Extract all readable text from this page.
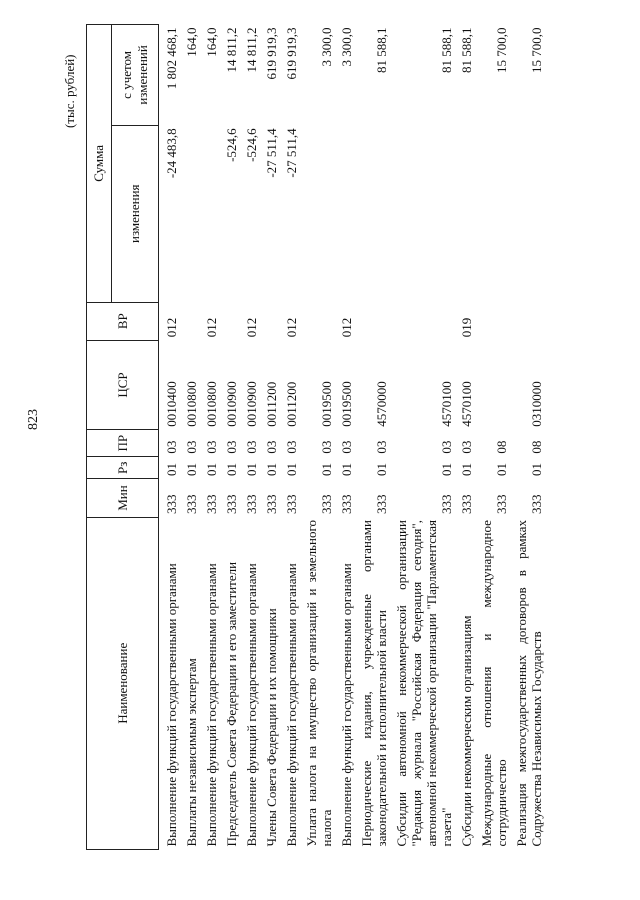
823
(тыс. рублей)
Наименование	Мин	Рз	ПР	ЦСР	ВР	Сумма	
						изменения	с учетом изменений
Выполнение функций государственными органами	333	01	03	0010400	012	-24 483,8	1 802 468,1
Выплаты независимым экспертам	333	01	03	0010800			164,0
Выполнение функций государственными органами	333	01	03	0010800	012		164,0
Председатель Совета Федерации и его заместители	333	01	03	0010900		-524,6	14 811,2
Выполнение функций государственными органами	333	01	03	0010900	012	-524,6	14 811,2
Члены Совета Федерации и их помощники	333	01	03	0011200		-27 511,4	619 919,3
Выполнение функций государственными органами	333	01	03	0011200	012	-27 511,4	619 919,3
Уплата налога на имущество организаций и земельного налога	333	01	03	0019500			3 300,0
Выполнение функций государственными органами	333	01	03	0019500	012		3 300,0
Периодические издания, учрежденные органами законодательной и исполнительной власти	333	01	03	4570000			81 588,1
Субсидии автономной некоммерческой организации "Редакция журнала "Российская Федерация сегодня", автономной некоммерческой организации "Парламентская газета"	333	01	03	4570100			81 588,1
Субсидии некоммерческим организациям	333	01	03	4570100	019		81 588,1
Международные отношения и международное сотрудничество	333	01	08				15 700,0
Реализация межгосударственных договоров в рамках Содружества Независимых Государств	333	01	08	0310000			15 700,0
